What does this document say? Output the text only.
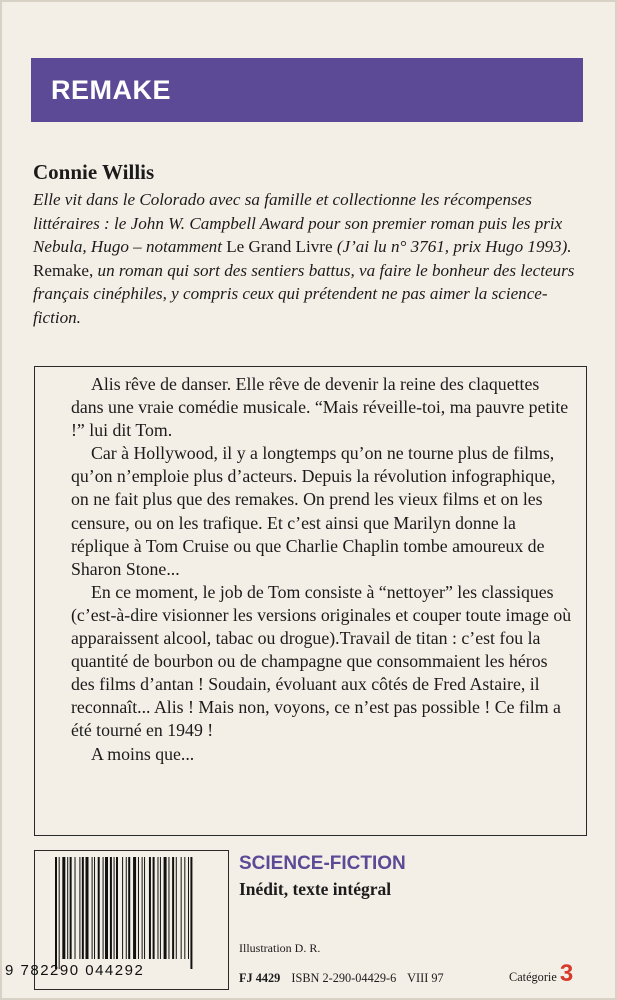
REMAKE
Connie Willis
Elle vit dans le Colorado avec sa famille et collectionne les récompenses littéraires : le John W. Campbell Award pour son premier roman puis les prix Nebula, Hugo – notamment Le Grand Livre (J’ai lu n° 3761, prix Hugo 1993). Remake, un roman qui sort des sentiers battus, va faire le bonheur des lecteurs français cinéphiles, y compris ceux qui prétendent ne pas aimer la science-fiction.

Alis rêve de danser. Elle rêve de devenir la reine des claquettes dans une vraie comédie musicale. “Mais réveille-toi, ma pauvre petite !” lui dit Tom.

Car à Hollywood, il y a longtemps qu’on ne tourne plus de films, qu’on n’emploie plus d’acteurs. Depuis la révolution infographique, on ne fait plus que des remakes. On prend les vieux films et on les censure, ou on les trafique. Et c’est ainsi que Marilyn donne la réplique à Tom Cruise ou que Charlie Chaplin tombe amoureux de Sharon Stone...

En ce moment, le job de Tom consiste à “nettoyer” les classiques (c’est-à-dire visionner les versions originales et couper toute image où apparaissent alcool, tabac ou drogue).Travail de titan : c’est fou la quantité de bourbon ou de champagne que consommaient les héros des films d’antan ! Soudain, évoluant aux côtés de Fred Astaire, il reconnaît... Alis ! Mais non, voyons, ce n’est pas possible ! Ce film a été tourné en 1949 !

A moins que...

9 782290 044292
SCIENCE-FICTION
Inédit, texte intégral
Illustration D. R.
FJ 4429 ISBN 2-290-04429-6 VIII 97	Catégorie 3
